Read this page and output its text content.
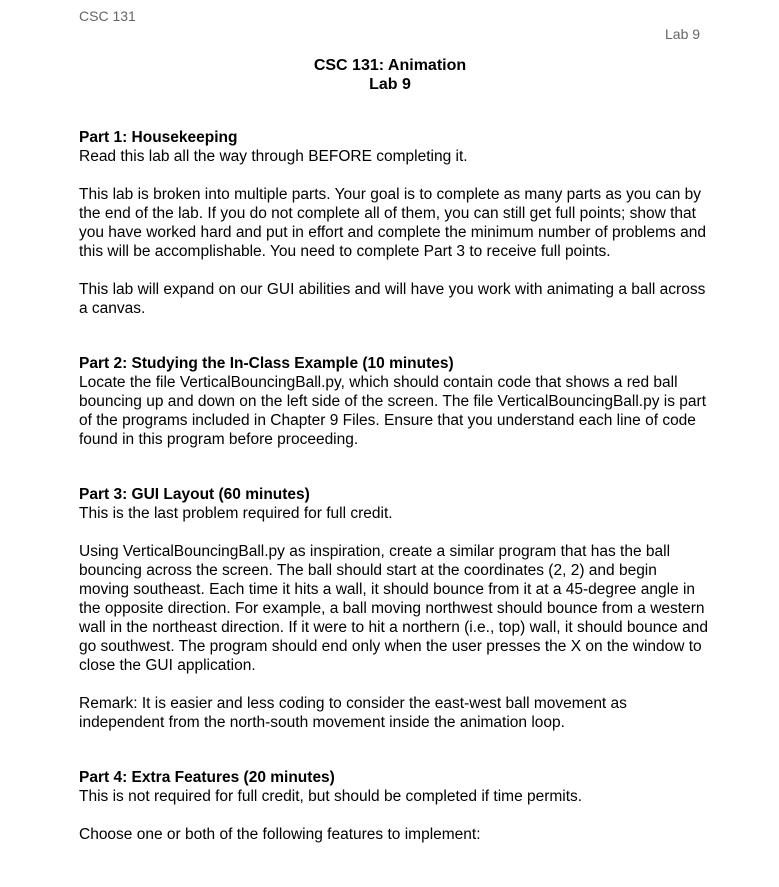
CSC 131
Lab 9
CSC 131: Animation
Lab 9

Part 1: Housekeeping

Read this lab all the way through BEFORE completing it.

This lab is broken into multiple parts. Your goal is to complete as many parts as you can by the end of the lab. If you do not complete all of them, you can still get full points; show that you have worked hard and put in effort and complete the minimum number of problems and this will be accomplishable. You need to complete Part 3 to receive full points.

This lab will expand on our GUI abilities and will have you work with animating a ball across a canvas.

Part 2: Studying the In-Class Example (10 minutes)

Locate the file VerticalBouncingBall.py, which should contain code that shows a red ball bouncing up and down on the left side of the screen. The file VerticalBouncingBall.py is part of the programs included in Chapter 9 Files. Ensure that you understand each line of code found in this program before proceeding.

Part 3: GUI Layout (60 minutes)

This is the last problem required for full credit.

Using VerticalBouncingBall.py as inspiration, create a similar program that has the ball bouncing across the screen. The ball should start at the coordinates (2, 2) and begin moving southeast. Each time it hits a wall, it should bounce from it at a 45-degree angle in the opposite direction. For example, a ball moving northwest should bounce from a western wall in the northeast direction. If it were to hit a northern (i.e., top) wall, it should bounce and go southwest. The program should end only when the user presses the X on the window to close the GUI application.

Remark: It is easier and less coding to consider the east-west ball movement as independent from the north-south movement inside the animation loop.

Part 4: Extra Features (20 minutes)

This is not required for full credit, but should be completed if time permits.

Choose one or both of the following features to implement:
